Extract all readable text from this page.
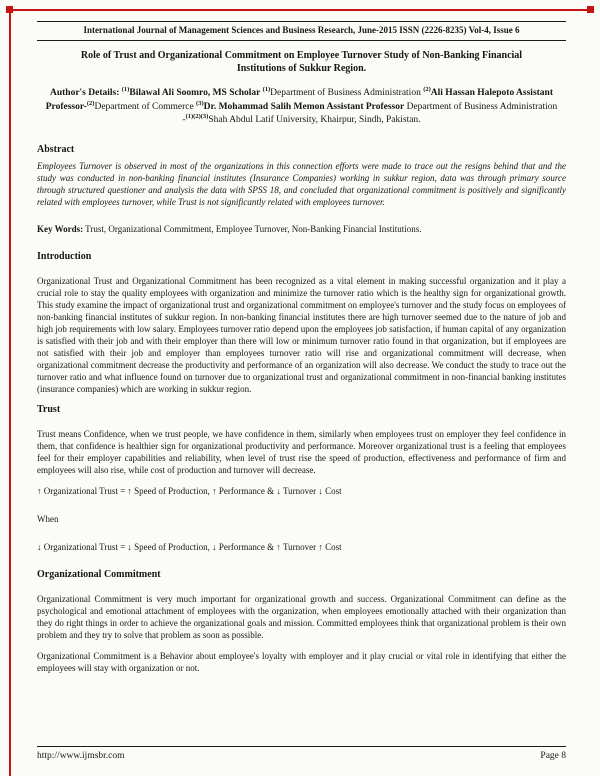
International Journal of Management Sciences and Business Research, June-2015 ISSN (2226-8235) Vol-4, Issue 6
Role of Trust and Organizational Commitment on Employee Turnover Study of Non-Banking Financial Institutions of Sukkur Region.
Author's Details: $^{(1)}$Bilawal Ali Soomro, MS Scholar $^{(1)}$Department of Business Administration $^{(2)}$Ali Hassan Halepoto Assistant Professor-$^{(2)}$Department of Commerce $^{(3)}$Dr. Mohammad Salih Memon Assistant Professor Department of Business Administration -$^{(1)(2)(3)}$Shah Abdul Latif University, Khairpur, Sindh, Pakistan.
Abstract

Employees Turnover is observed in most of the organizations in this connection efforts were made to trace out the resigns behind that and the study was conducted in non-banking financial institutes (Insurance Companies) working in sukkur region, data was through primary source through structured questioner and analysis the data with SPSS 18, and concluded that organizational commitment is positively and significantly related with employees turnover, while Trust is not significantly related with employees turnover.

Key Words: Trust, Organizational Commitment, Employee Turnover, Non-Banking Financial Institutions.
Introduction

Organizational Trust and Organizational Commitment has been recognized as a vital element in making successful organization and it play a crucial role to stay the quality employees with organization and minimize the turnover ratio which is the healthy sign for organizational growth. This study examine the impact of organizational trust and organizational commitment on employee's turnover and the study focus on employees of non-banking financial institutes of sukkur region. In non-banking financial institutes there are high turnover seemed due to the nature of job and high job requirements with low salary. Employees turnover ratio depend upon the employees job satisfaction, if human capital of any organization is satisfied with their job and with their employer than there will low or minimum turnover ratio found in that organization, but if employees are not satisfied with their job and employer than employees turnover ratio will rise and organizational commitment will decrease, when organizational commitment decrease the productivity and performance of an organization will also decrease. We conduct the study to trace out the turnover ratio and what influence found on turnover due to organizational trust and organizational commitment in non-financial banking institutes (insurance companies) which are working in sukkur region.

Trust

Trust means Confidence, when we trust people, we have confidence in them, similarly when employees trust on employer they feel confidence in them, that confidence is healthier sign for organizational productivity and performance. Moreover organizational trust is a feeling that employees feel for their employer capabilities and reliability, when level of trust rise the speed of production, effectiveness and performance of firm and employees will also rise, while cost of production and turnover will decrease.

↑ Organizational Trust = ↑ Speed of Production, ↑ Performance & ↓ Turnover ↓ Cost
When
↓ Organizational Trust = ↓ Speed of Production, ↓ Performance & ↑ Turnover ↑ Cost
Organizational Commitment

Organizational Commitment is very much important for organizational growth and success. Organizational Commitment can define as the psychological and emotional attachment of employees with the organization, when employees emotionally attached with their organization than they do right things in order to achieve the organizational goals and mission. Committed employees think that organizational problem is their own problem and they try to solve that problem as soon as possible.

Organizational Commitment is a Behavior about employee's loyalty with employer and it play crucial or vital role in identifying that either the employees will stay with organization or not.

http://www.ijmsbr.com	Page 8
